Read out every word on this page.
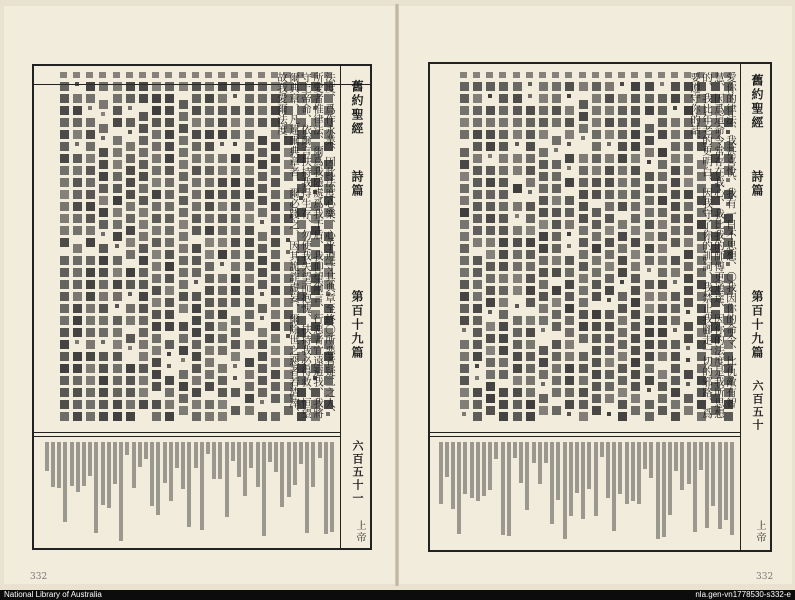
舊約聖經
詩篇
第百十九篇
六百五十一
上帝
332
舊約聖經
詩篇
第百十九篇
六百五十
上帝
332
法度、爲作永業、因此法度心樂、心乎遵守其典章至終〇所惡者疑二之人、所愛者惟律法、爾爲我隱處爲我干盾、我仰望爾言、行惡者宜遠避我、我將守上帝命、依爾言扶持我得生存、勿使我失望而抱愧、扶持我必得救、恒望爾典章、凡違爾典章者、爾必踐之、因其詭詐虛妄、爾除世之惡者若渣滓、故我愛爾法度、	愛你的律法、我甚喜悅、我有一日不思想、〇我因你的命令、比仇敵有智慧、因爲這命令常存在我心、我比我的師傅更通達、因你的法度是我所思想的、我比年老的更明白、因我守了你的訓詞、我禁止我腳走一切的邪路、爲要遵守你的話、
National Library of Australia	nla.gen-vn1778530-s332-e
